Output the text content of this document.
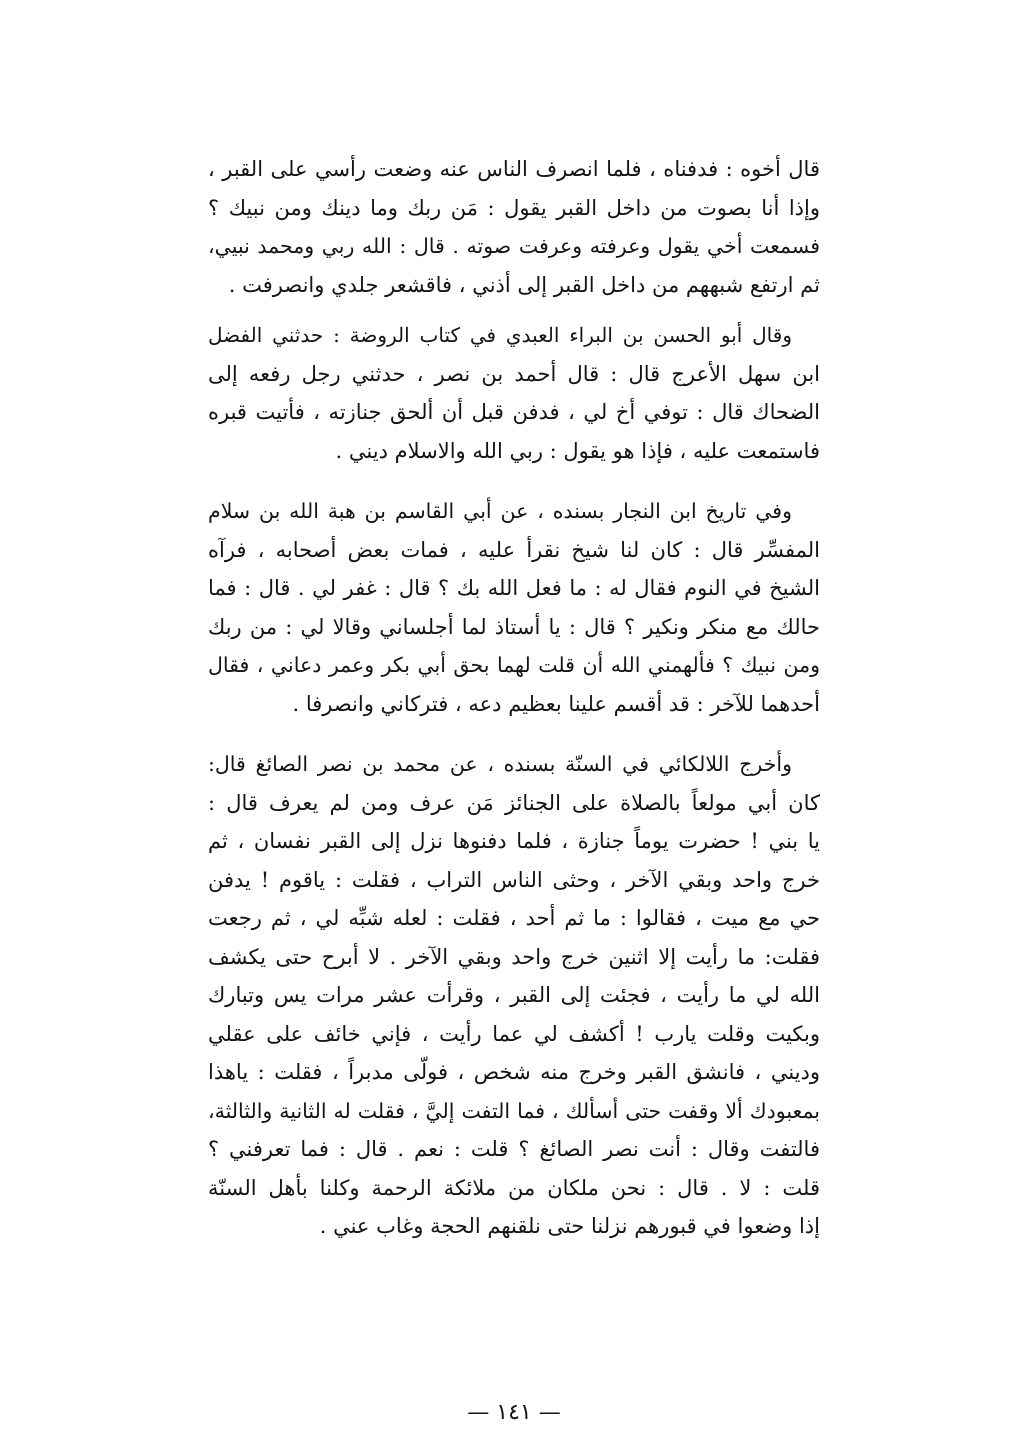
قال أخوه : فدفناه ، فلما انصرف الناس عنه وضعت رأسي على القبر ،
وإذا أنا بصوت من داخل القبر يقول : مَن ربك وما دينك ومن نبيك ؟
فسمعت أخي يقول وعرفته وعرفت صوته . قال : الله ربي ومحمد نبيي،
ثم ارتفع شبههم من داخل القبر إلى أذني ، فاقشعر جلدي وانصرفت .
وقال أبو الحسن بن البراء العبدي في كتاب الروضة : حدثني الفضل
ابن سهل الأعرج قال : قال أحمد بن نصر ، حدثني رجل رفعه إلى
الضحاك قال : توفي أخ لي ، فدفن قبل أن ألحق جنازته ، فأتيت قبره
فاستمعت عليه ، فإذا هو يقول : ربي الله والاسلام ديني .
وفي تاريخ ابن النجار بسنده ، عن أبي القاسم بن هبة الله بن سلام
المفسِّر قال : كان لنا شيخ نقرأ عليه ، فمات بعض أصحابه ، فرآه
الشيخ في النوم فقال له : ما فعل الله بك ؟ قال : غفر لي . قال : فما
حالك مع منكر ونكير ؟ قال : يا أستاذ لما أجلساني وقالا لي : من ربك
ومن نبيك ؟ فألهمني الله أن قلت لهما بحق أبي بكر وعمر دعاني ، فقال
أحدهما للآخر : قد أقسم علينا بعظيم دعه ، فتركاني وانصرفا .
وأخرج اللالكائي في السنّة بسنده ، عن محمد بن نصر الصائغ قال:
كان أبي مولعاً بالصلاة على الجنائز مَن عرف ومن لم يعرف قال :
يا بني ! حضرت يوماً جنازة ، فلما دفنوها نزل إلى القبر نفسان ، ثم
خرج واحد وبقي الآخر ، وحثى الناس التراب ، فقلت : ياقوم ! يدفن
حي مع ميت ، فقالوا : ما ثم أحد ، فقلت : لعله شبِّه لي ، ثم رجعت
فقلت: ما رأيت إلا اثنين خرج واحد وبقي الآخر . لا أبرح حتى يكشف
الله لي ما رأيت ، فجئت إلى القبر ، وقرأت عشر مرات يس وتبارك
وبكيت وقلت يارب ! أكشف لي عما رأيت ، فإني خائف على عقلي
وديني ، فانشق القبر وخرج منه شخص ، فولّى مدبراً ، فقلت : ياهذا
بمعبودك ألا وقفت حتى أسألك ، فما التفت إليَّ ، فقلت له الثانية والثالثة،
فالتفت وقال : أنت نصر الصائغ ؟ قلت : نعم . قال : فما تعرفني ؟
قلت : لا . قال : نحن ملكان من ملائكة الرحمة وكلنا بأهل السنّة
إذا وضعوا في قبورهم نزلنا حتى نلقنهم الحجة وغاب عني .
— ١٤١ —
